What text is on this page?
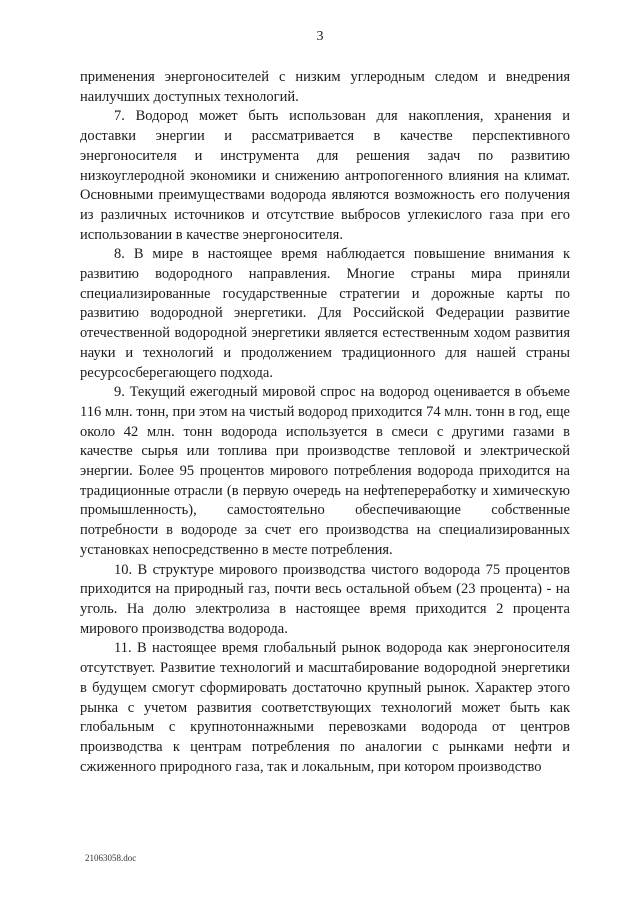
3

применения энергоносителей с низким углеродным следом и внедрения наилучших доступных технологий.

7. Водород может быть использован для накопления, хранения и доставки энергии и рассматривается в качестве перспективного энергоносителя и инструмента для решения задач по развитию низкоуглеродной экономики и снижению антропогенного влияния на климат. Основными преимуществами водорода являются возможность его получения из различных источников и отсутствие выбросов углекислого газа при его использовании в качестве энергоносителя.

8. В мире в настоящее время наблюдается повышение внимания к развитию водородного направления. Многие страны мира приняли специализированные государственные стратегии и дорожные карты по развитию водородной энергетики. Для Российской Федерации развитие отечественной водородной энергетики является естественным ходом развития науки и технологий и продолжением традиционного для нашей страны ресурсосберегающего подхода.

9. Текущий ежегодный мировой спрос на водород оценивается в объеме 116 млн. тонн, при этом на чистый водород приходится 74 млн. тонн в год, еще около 42 млн. тонн водорода используется в смеси с другими газами в качестве сырья или топлива при производстве тепловой и электрической энергии. Более 95 процентов мирового потребления водорода приходится на традиционные отрасли (в первую очередь на нефтепереработку и химическую промышленность), самостоятельно обеспечивающие собственные потребности в водороде за счет его производства на специализированных установках непосредственно в месте потребления.

10. В структуре мирового производства чистого водорода 75 процентов приходится на природный газ, почти весь остальной объем (23 процента) - на уголь. На долю электролиза в настоящее время приходится 2 процента мирового производства водорода.

11. В настоящее время глобальный рынок водорода как энергоносителя отсутствует. Развитие технологий и масштабирование водородной энергетики в будущем смогут сформировать достаточно крупный рынок. Характер этого рынка с учетом развития соответствующих технологий может быть как глобальным с крупнотоннажными перевозками водорода от центров производства к центрам потребления по аналогии с рынками нефти и сжиженного природного газа, так и локальным, при котором производство

21063058.doc
